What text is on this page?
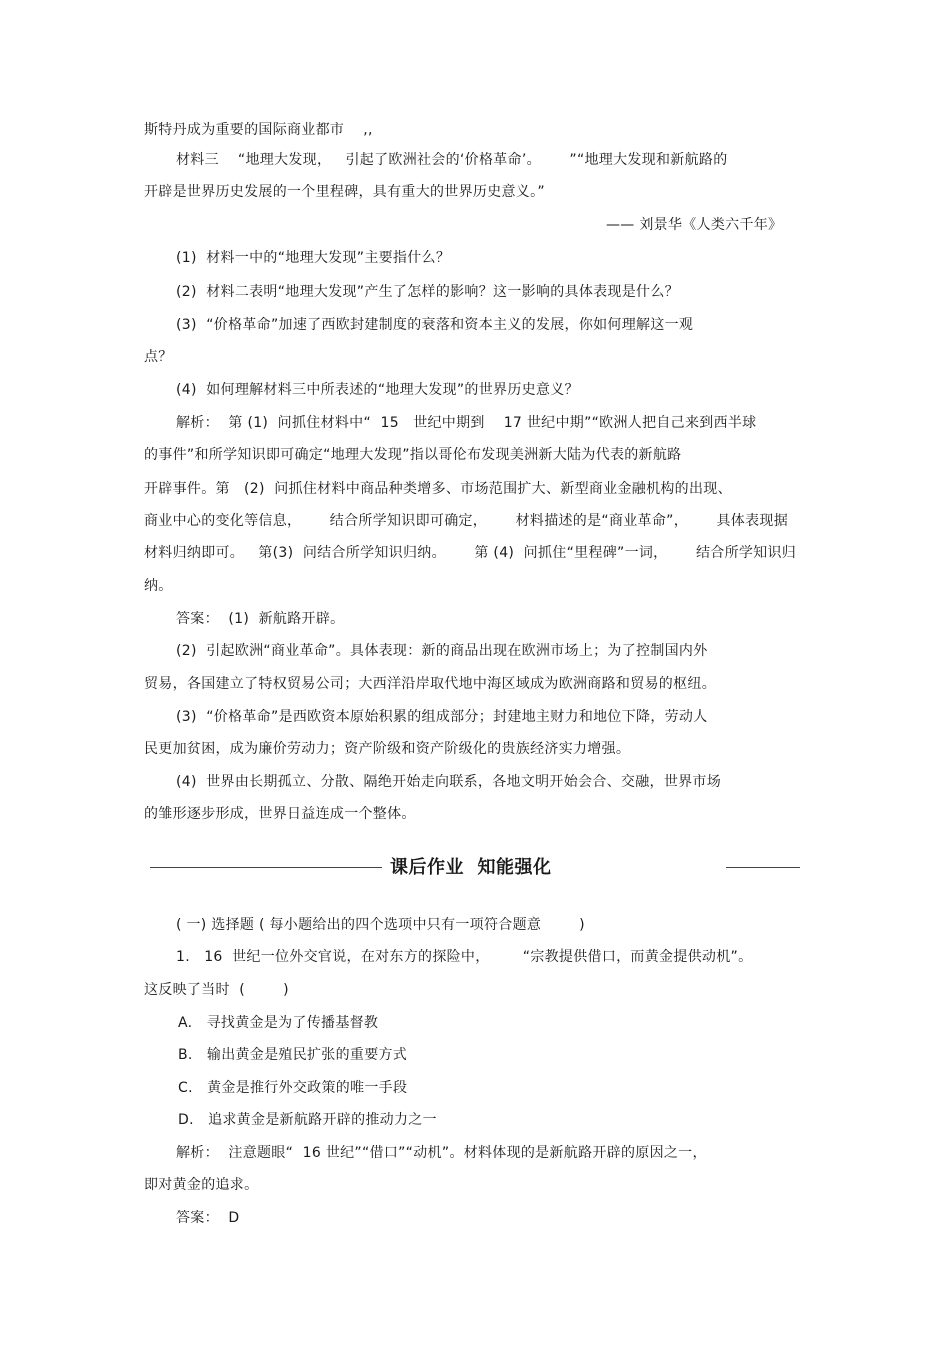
斯特丹成为重要的国际商业都市    ,,
材料三    “地理大发现，   引起了欧洲社会的‘价格革命’。      ”“地理大发现和新航路的
开辟是世界历史发展的一个里程碑，具有重大的世界历史意义。”
—— 刘景华《人类六千年》
(1)  材料一中的“地理大发现”主要指什么？
(2)  材料二表明“地理大发现”产生了怎样的影响？这一影响的具体表现是什么？
(3)  “价格革命”加速了西欧封建制度的衰落和资本主义的发展，你如何理解这一观
点？
(4)  如何理解材料三中所表述的“地理大发现”的世界历史意义？
解析：  第 (1)  问抓住材料中“  15   世纪中期到    17 世纪中期”“欧洲人把自己来到西半球
的事件”和所学知识即可确定“地理大发现”指以哥伦布发现美洲新大陆为代表的新航路
开辟事件。第   (2)  问抓住材料中商品种类增多、市场范围扩大、新型商业金融机构的出现、
商业中心的变化等信息，      结合所学知识即可确定，      材料描述的是“商业革命”，      具体表现据
材料归纳即可。   第(3)  问结合所学知识归纳。      第 (4)  问抓住“里程碑”一词，      结合所学知识归
纳。
答案：  (1)  新航路开辟。
(2)  引起欧洲“商业革命”。具体表现：新的商品出现在欧洲市场上；为了控制国内外
贸易，各国建立了特权贸易公司；大西洋沿岸取代地中海区域成为欧洲商路和贸易的枢纽。
(3)  “价格革命”是西欧资本原始积累的组成部分；封建地主财力和地位下降，劳动人
民更加贫困，成为廉价劳动力；资产阶级和资产阶级化的贵族经济实力增强。
(4)  世界由长期孤立、分散、隔绝开始走向联系，各地文明开始会合、交融，世界市场
的雏形逐步形成，世界日益连成一个整体。
课后作业  知能强化
( 一) 选择题 ( 每小题给出的四个选项中只有一项符合题意        )
1.   16  世纪一位外交官说，在对东方的探险中，       “宗教提供借口，而黄金提供动机”。
这反映了当时  (        )
A.   寻找黄金是为了传播基督教
B.   输出黄金是殖民扩张的重要方式
C.   黄金是推行外交政策的唯一手段
D.   追求黄金是新航路开辟的推动力之一
解析：  注意题眼“  16 世纪”“借口”“动机”。材料体现的是新航路开辟的原因之一，
即对黄金的追求。
答案：  D
